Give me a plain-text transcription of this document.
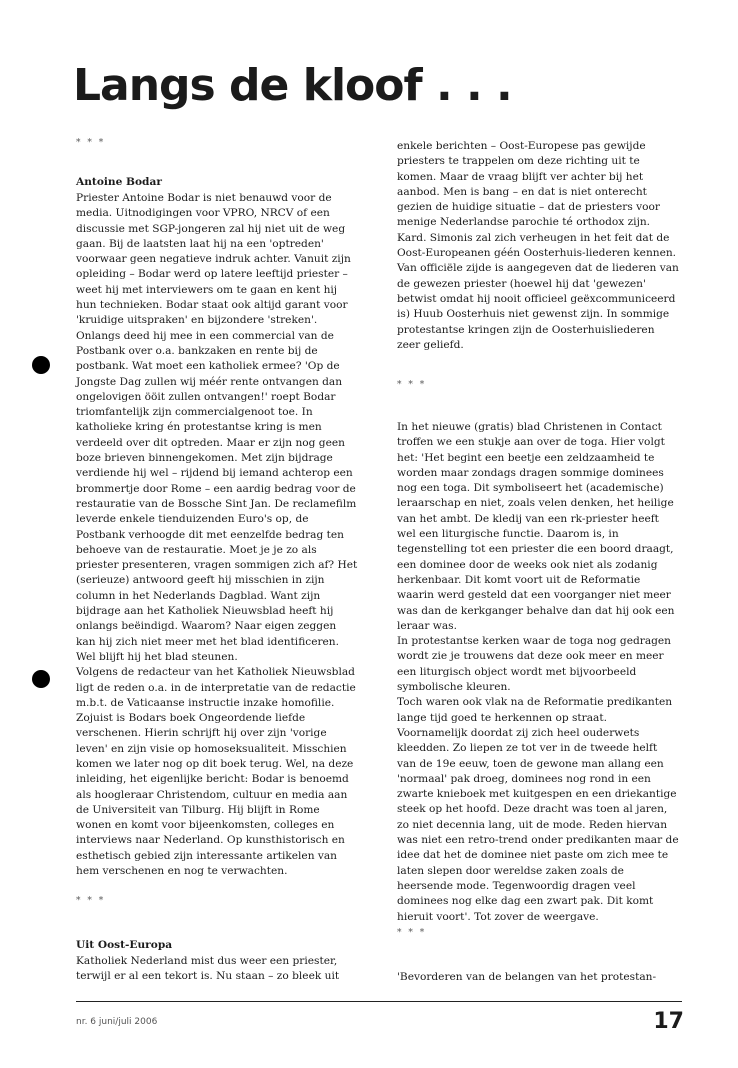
Langs de kloof . . .
* * *
Antoine Bodar

Priester Antoine Bodar is niet benauwd voor de media. Uitnodigingen voor VPRO, NRCV of een discussie met SGP-jongeren zal hij niet uit de weg gaan. Bij de laatsten laat hij na een 'optreden' voorwaar geen negatieve indruk achter. Vanuit zijn opleiding – Bodar werd op latere leeftijd priester – weet hij met interviewers om te gaan en kent hij hun technieken. Bodar staat ook altijd garant voor 'kruidige uitspraken' en bijzondere 'streken'. Onlangs deed hij mee in een commercial van de Postbank over o.a. bankzaken en rente bij de postbank. Wat moet een katholiek ermee? 'Op de Jongste Dag zullen wij méér rente ontvangen dan ongelovigen ööit zullen ontvangen!' roept Bodar triomfantelijk zijn commercialgenoot toe. In katholieke kring én protestantse kring is men verdeeld over dit optreden. Maar er zijn nog geen boze brieven binnengekomen. Met zijn bijdrage verdiende hij wel – rijdend bij iemand achterop een brommertje door Rome – een aardig bedrag voor de restauratie van de Bossche Sint Jan. De reclamefilm leverde enkele tienduizenden Euro's op, de Postbank verhoogde dit met eenzelfde bedrag ten behoeve van de restauratie. Moet je je zo als priester presenteren, vragen sommigen zich af? Het (serieuze) antwoord geeft hij misschien in zijn column in het Nederlands Dagblad. Want zijn bijdrage aan het Katholiek Nieuwsblad heeft hij onlangs beëindigd. Waarom? Naar eigen zeggen kan hij zich niet meer met het blad identificeren. Wel blijft hij het blad steunen.

Volgens de redacteur van het Katholiek Nieuwsblad ligt de reden o.a. in de interpretatie van de redactie m.b.t. de Vaticaanse instructie inzake homofilie. Zojuist is Bodars boek Ongeordende liefde verschenen. Hierin schrijft hij over zijn 'vorige leven' en zijn visie op homoseksualiteit. Misschien komen we later nog op dit boek terug. Wel, na deze inleiding, het eigenlijke bericht: Bodar is benoemd als hoogleraar Christendom, cultuur en media aan de Universiteit van Tilburg. Hij blijft in Rome wonen en komt voor bijeenkomsten, colleges en interviews naar Nederland. Op kunsthistorisch en esthetisch gebied zijn interessante artikelen van hem verschenen en nog te verwachten.

* * *
Uit Oost-Europa

Katholiek Nederland mist dus weer een priester, terwijl er al een tekort is. Nu staan – zo bleek uit

enkele berichten – Oost-Europese pas gewijde priesters te trappelen om deze richting uit te komen. Maar de vraag blijft ver achter bij het aanbod. Men is bang – en dat is niet onterecht gezien de huidige situatie – dat de priesters voor menige Nederlandse parochie té orthodox zijn. Kard. Simonis zal zich verheugen in het feit dat de Oost-Europeanen géén Oosterhuis-liederen kennen.

Van officiële zijde is aangegeven dat de liederen van de gewezen priester (hoewel hij dat 'gewezen' betwist omdat hij nooit officieel geëxcommuniceerd is) Huub Oosterhuis niet gewenst zijn. In sommige protestantse kringen zijn de Oosterhuisliederen zeer geliefd.

* * *

In het nieuwe (gratis) blad Christenen in Contact troffen we een stukje aan over de toga. Hier volgt het: 'Het begint een beetje een zeldzaamheid te worden maar zondags dragen sommige dominees nog een toga. Dit symboliseert het (academische) leraarschap en niet, zoals velen denken, het heilige van het ambt. De kledij van een rk-priester heeft wel een liturgische functie. Daarom is, in tegenstelling tot een priester die een boord draagt, een dominee door de weeks ook niet als zodanig herkenbaar. Dit komt voort uit de Reformatie waarin werd gesteld dat een voorganger niet meer was dan de kerkganger behalve dan dat hij ook een leraar was.

In protestantse kerken waar de toga nog gedragen wordt zie je trouwens dat deze ook meer en meer een liturgisch object wordt met bijvoorbeeld symbolische kleuren.

Toch waren ook vlak na de Reformatie predikanten lange tijd goed te herkennen op straat. Voornamelijk doordat zij zich heel ouderwets kleedden. Zo liepen ze tot ver in de tweede helft van de 19e eeuw, toen de gewone man allang een 'normaal' pak droeg, dominees nog rond in een zwarte knieboek met kuitgespen en een driekantige steek op het hoofd. Deze dracht was toen al jaren, zo niet decennia lang, uit de mode. Reden hiervan was niet een retro-trend onder predikanten maar de idee dat het de dominee niet paste om zich mee te laten slepen door wereldse zaken zoals de heersende mode. Tegenwoordig dragen veel dominees nog elke dag een zwart pak. Dit komt hieruit voort'. Tot zover de weergave.

* * *

'Bevorderen van de belangen van het protestan-

nr. 6 juni/juli 2006	17
